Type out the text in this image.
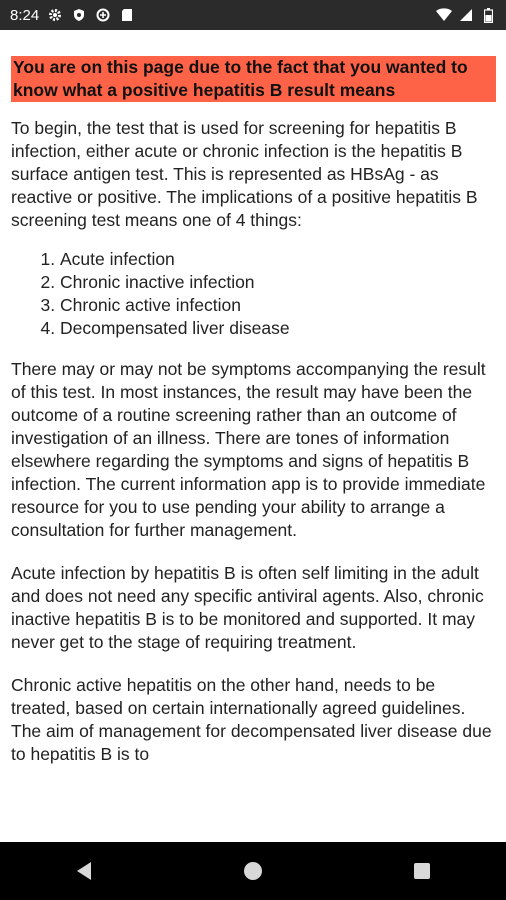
8:24
You are on this page due to the fact that you wanted to know what a positive hepatitis B result means

To begin, the test that is used for screening for hepatitis B infection, either acute or chronic infection is the hepatitis B surface antigen test. This is represented as HBsAg - as reactive or positive. The implications of a positive hepatitis B screening test means one of 4 things:

1. Acute infection
2. Chronic inactive infection
3. Chronic active infection
4. Decompensated liver disease

There may or may not be symptoms accompanying the result of this test. In most instances, the result may have been the outcome of a routine screening rather than an outcome of investigation of an illness. There are tones of information elsewhere regarding the symptoms and signs of hepatitis B infection. The current information app is to provide immediate resource for you to use pending your ability to arrange a consultation for further management.

Acute infection by hepatitis B is often self limiting in the adult and does not need any specific antiviral agents. Also, chronic inactive hepatitis B is to be monitored and supported. It may never get to the stage of requiring treatment.

Chronic active hepatitis on the other hand, needs to be treated, based on certain internationally agreed guidelines. The aim of management for decompensated liver disease due to hepatitis B is to
